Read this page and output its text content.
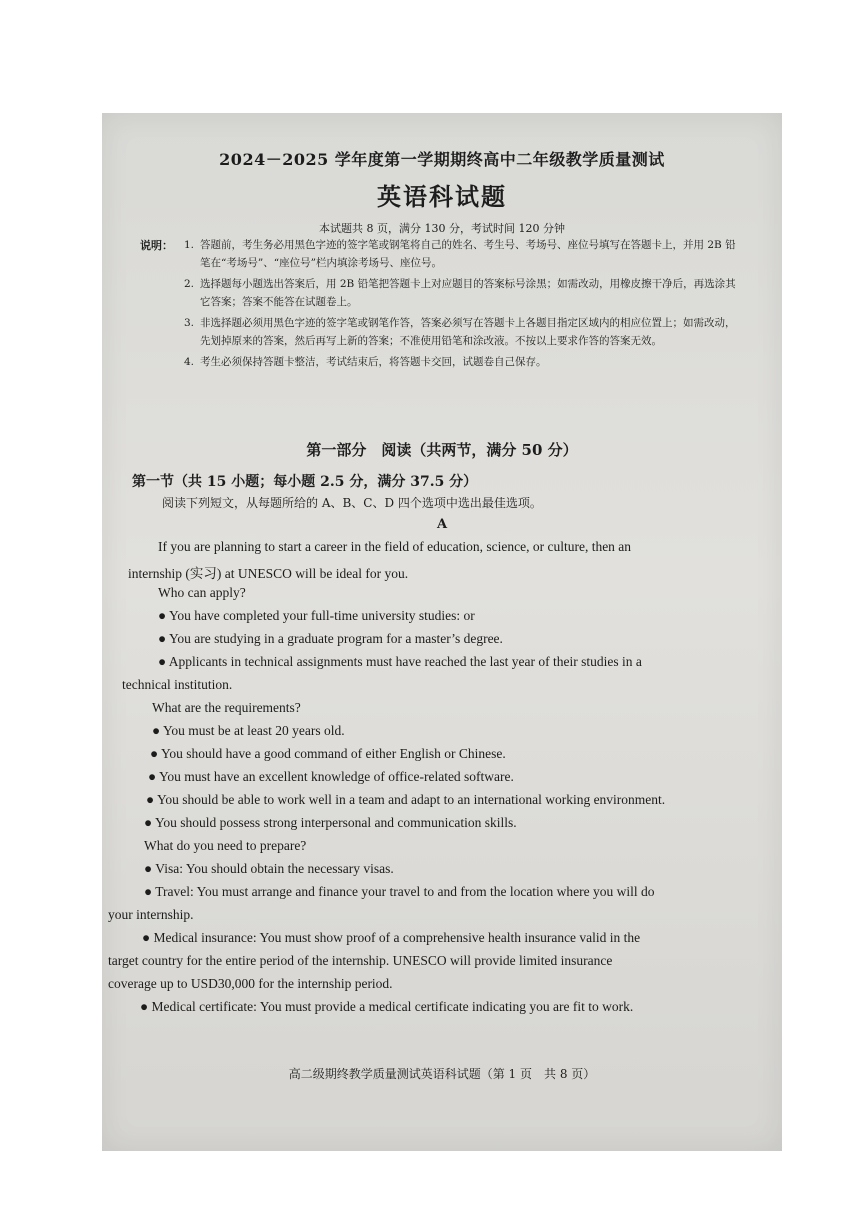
2024－2025 学年度第一学期期终高中二年级教学质量测试
英语科试题
本试题共 8 页，满分 130 分，考试时间 120 分钟
说明： 1. 答题前，考生务必用黑色字迹的签字笔或钢笔将自己的姓名、考生号、考场号、座位号填写在答题卡上，并用 2B 铅笔在“考场号”、“座位号”栏内填涂考场号、座位号。
2. 选择题每小题选出答案后，用 2B 铅笔把答题卡上对应题目的答案标号涂黑；如需改动，用橡皮擦干净后，再选涂其它答案；答案不能答在试题卷上。
3. 非选择题必须用黑色字迹的签字笔或钢笔作答，答案必须写在答题卡上各题目指定区域内的相应位置上；如需改动，先划掉原来的答案，然后再写上新的答案；不准使用铅笔和涂改液。不按以上要求作答的答案无效。
4. 考生必须保持答题卡整洁，考试结束后，将答题卡交回，试题卷自己保存。
第一部分　阅读（共两节，满分 50 分）
第一节（共 15 小题；每小题 2.5 分，满分 37.5 分）
阅读下列短文，从每题所给的 A、B、C、D 四个选项中选出最佳选项。
A
If you are planning to start a career in the field of education, science, or culture, then an
internship (实习) at UNESCO will be ideal for you.
Who can apply?
● You have completed your full-time university studies: or
● You are studying in a graduate program for a master’s degree.
● Applicants in technical assignments must have reached the last year of their studies in a
technical institution.
What are the requirements?
● You must be at least 20 years old.
● You should have a good command of either English or Chinese.
● You must have an excellent knowledge of office-related software.
● You should be able to work well in a team and adapt to an international working environment.
● You should possess strong interpersonal and communication skills.
What do you need to prepare?
● Visa: You should obtain the necessary visas.
● Travel: You must arrange and finance your travel to and from the location where you will do
your internship.
● Medical insurance: You must show proof of a comprehensive health insurance valid in the
target country for the entire period of the internship. UNESCO will provide limited insurance
coverage up to USD30,000 for the internship period.
● Medical certificate: You must provide a medical certificate indicating you are fit to work.
高二级期终教学质量测试英语科试题（第 1 页　共 8 页）
